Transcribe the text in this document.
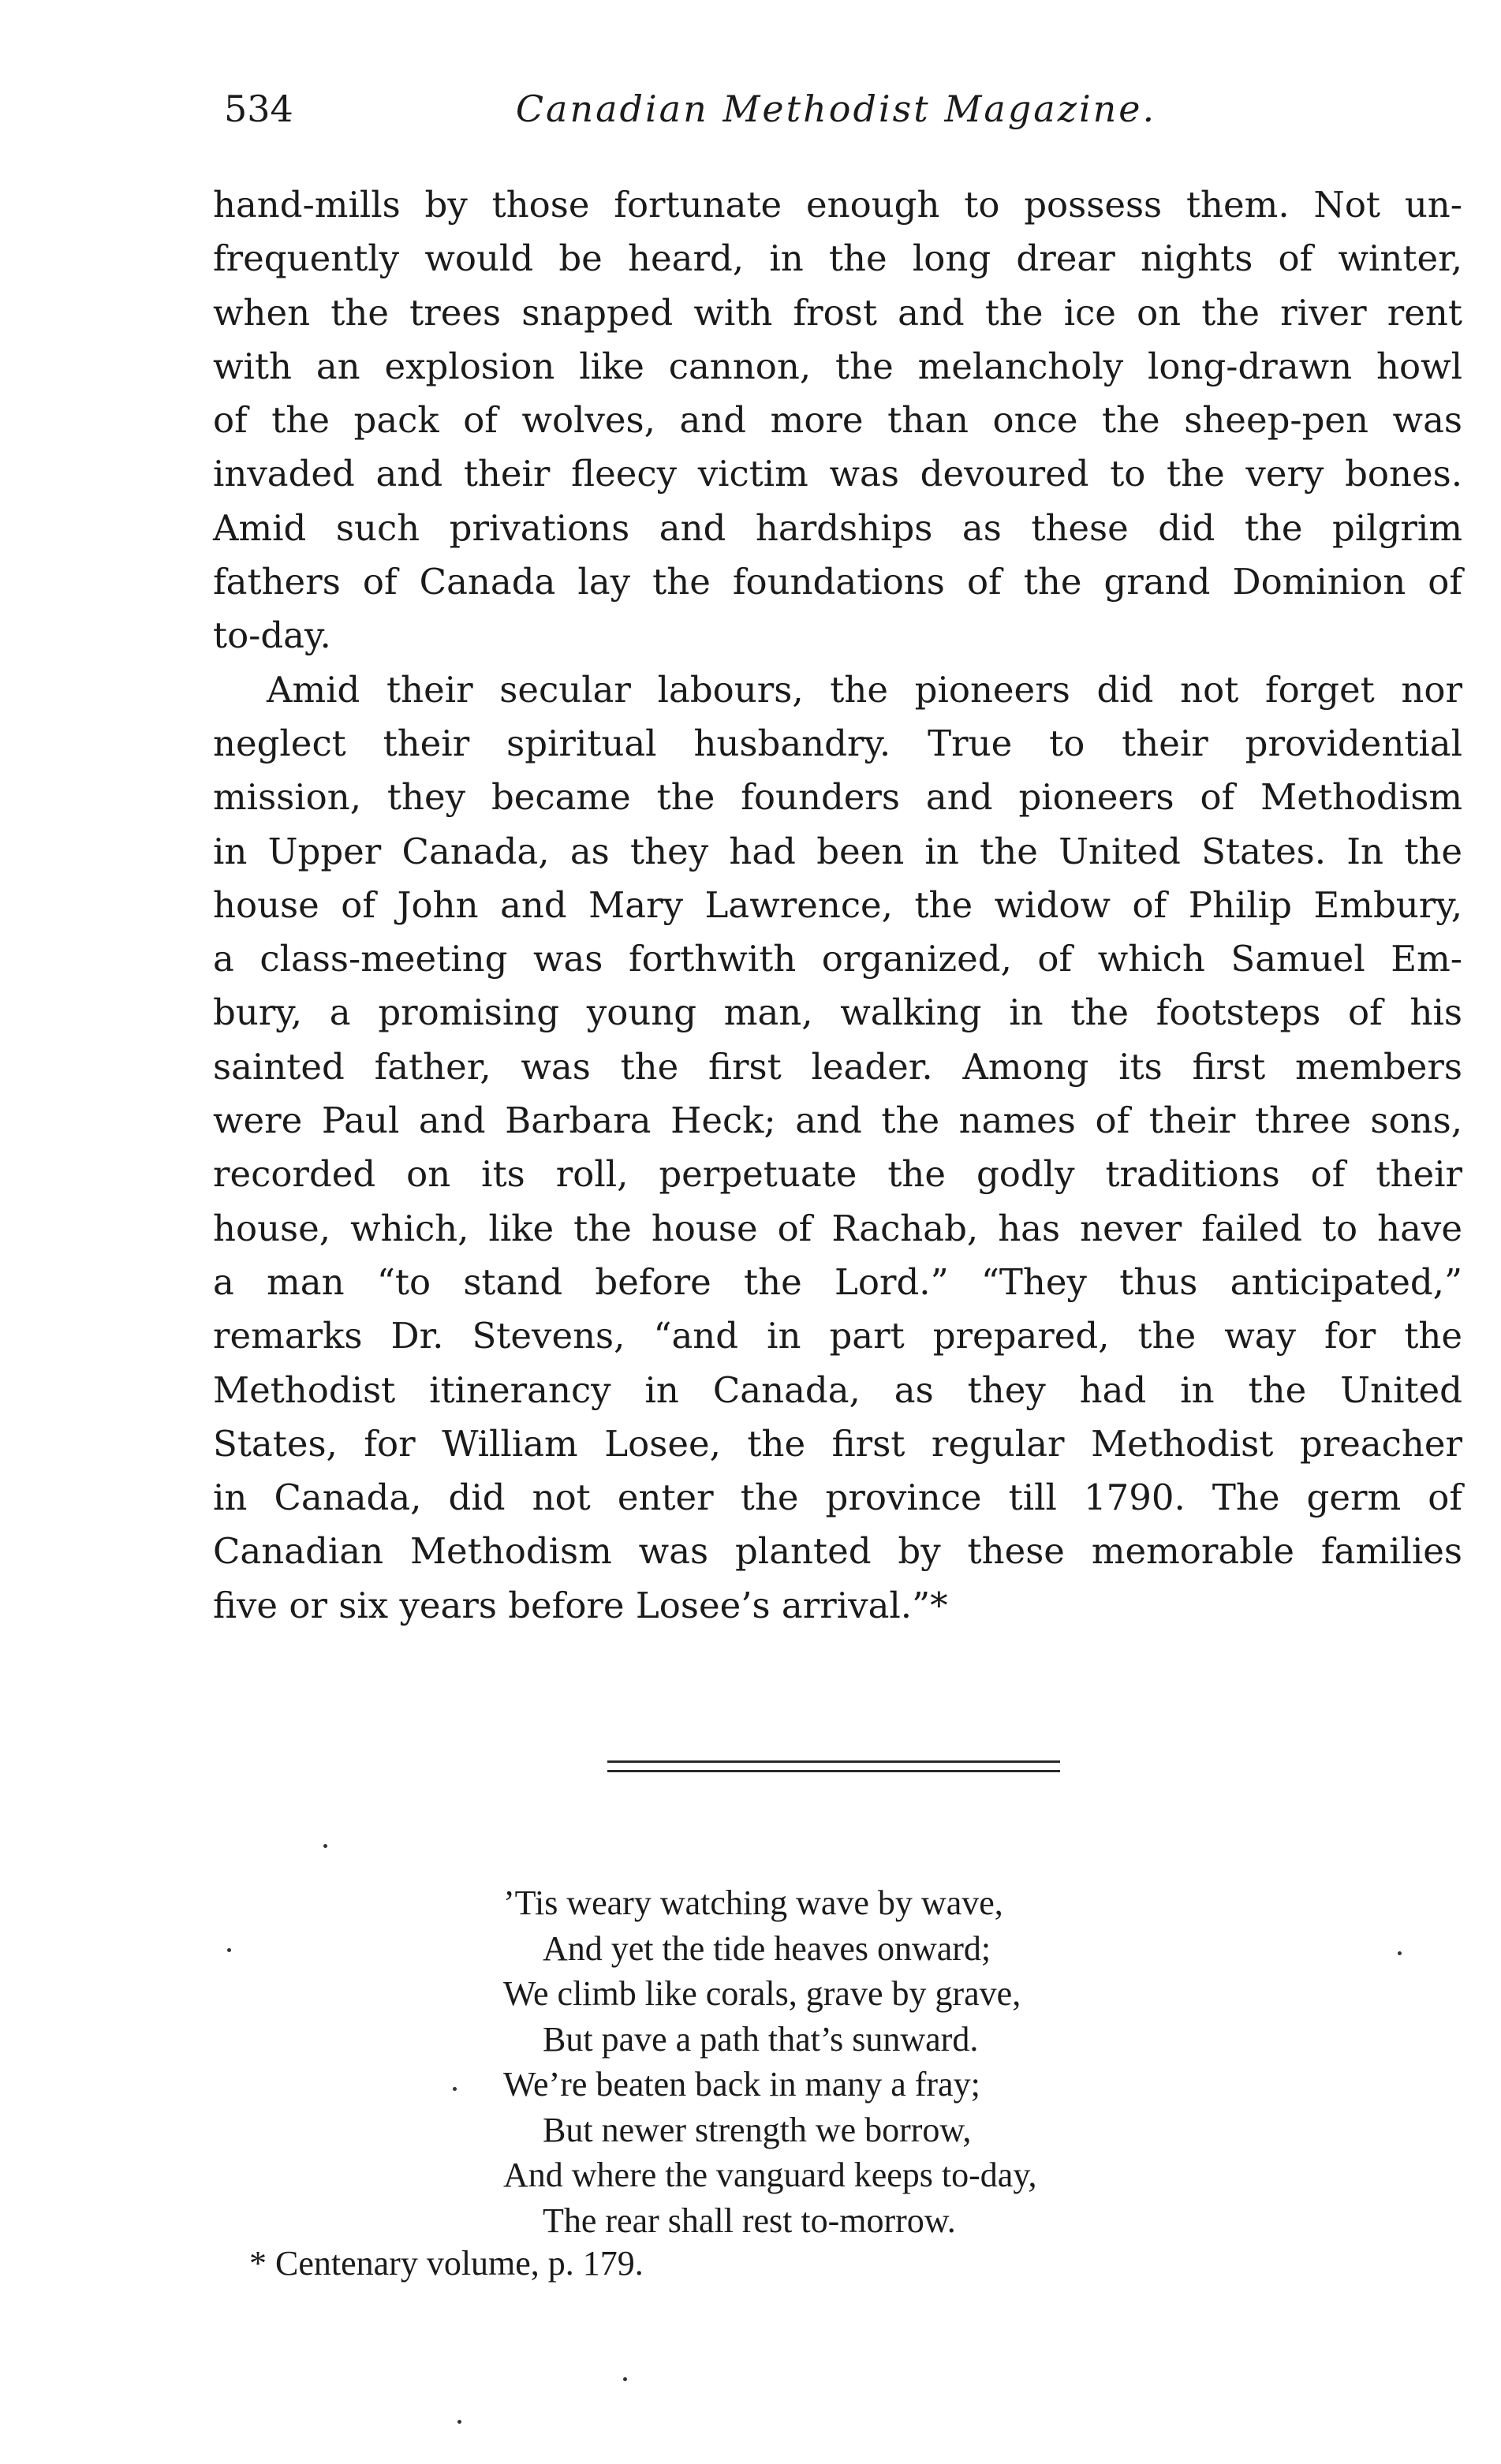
534	Canadian Methodist Magazine.
hand-mills by those fortunate enough to possess them. Not un-
frequently would be heard, in the long drear nights of winter,
when the trees snapped with frost and the ice on the river rent
with an explosion like cannon, the melancholy long-drawn howl
of the pack of wolves, and more than once the sheep-pen was
invaded and their fleecy victim was devoured to the very bones.
Amid such privations and hardships as these did the pilgrim
fathers of Canada lay the foundations of the grand Dominion of
to-day.
Amid their secular labours, the pioneers did not forget nor
neglect their spiritual husbandry. True to their providential
mission, they became the founders and pioneers of Methodism
in Upper Canada, as they had been in the United States. In the
house of John and Mary Lawrence, the widow of Philip Embury,
a class-meeting was forthwith organized, of which Samuel Em-
bury, a promising young man, walking in the footsteps of his
sainted father, was the first leader. Among its first members
were Paul and Barbara Heck; and the names of their three sons,
recorded on its roll, perpetuate the godly traditions of their
house, which, like the house of Rachab, has never failed to have
a man “to stand before the Lord.” “They thus anticipated,”
remarks Dr. Stevens, “and in part prepared, the way for the
Methodist itinerancy in Canada, as they had in the United
States, for William Losee, the first regular Methodist preacher
in Canada, did not enter the province till 1790. The germ of
Canadian Methodism was planted by these memorable families
five or six years before Losee’s arrival.”*
’Tis weary watching wave by wave,
And yet the tide heaves onward;
We climb like corals, grave by grave,
But pave a path that’s sunward.
We’re beaten back in many a fray;
But newer strength we borrow,
And where the vanguard keeps to-day,
The rear shall rest to-morrow.
* Centenary volume, p. 179.
